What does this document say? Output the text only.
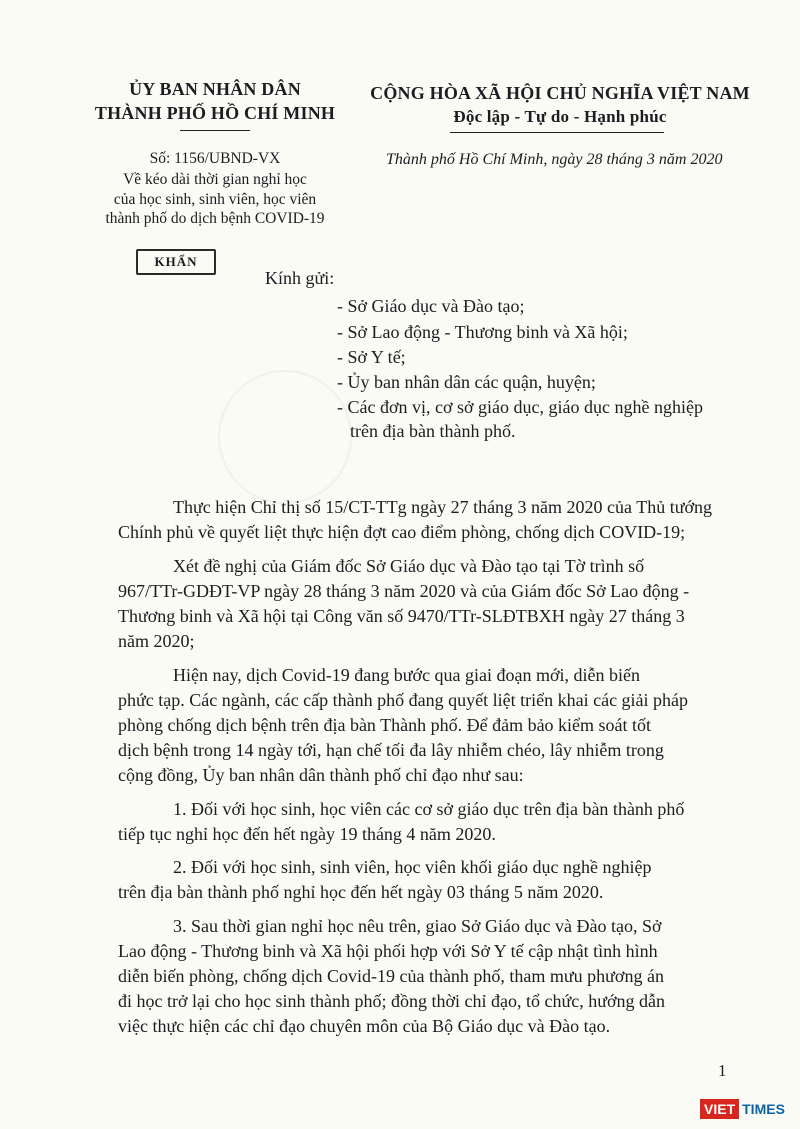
ỦY BAN NHÂN DÂN
THÀNH PHỐ HỒ CHÍ MINH
Số: 1156/UBND-VX
Về kéo dài thời gian nghỉ học
của học sinh, sinh viên, học viên
thành phố do dịch bệnh COVID-19
KHẨN
CỘNG HÒA XÃ HỘI CHỦ NGHĨA VIỆT NAM
Độc lập - Tự do - Hạnh phúc
Thành phố Hồ Chí Minh, ngày 28 tháng 3 năm 2020
Kính gửi:
- Sở Giáo dục và Đào tạo;
- Sở Lao động - Thương binh và Xã hội;
- Sở Y tế;
- Ủy ban nhân dân các quận, huyện;
- Các đơn vị, cơ sở giáo dục, giáo dục nghề nghiệp
trên địa bàn thành phố.
Thực hiện Chỉ thị số 15/CT-TTg ngày 27 tháng 3 năm 2020 của Thủ tướng
Chính phủ về quyết liệt thực hiện đợt cao điểm phòng, chống dịch COVID-19;
Xét đề nghị của Giám đốc Sở Giáo dục và Đào tạo tại Tờ trình số
967/TTr-GDĐT-VP ngày 28 tháng 3 năm 2020 và của Giám đốc Sở Lao động -
Thương binh và Xã hội tại Công văn số 9470/TTr-SLĐTBXH ngày 27 tháng 3
năm 2020;
Hiện nay, dịch Covid-19 đang bước qua giai đoạn mới, diễn biến
phức tạp. Các ngành, các cấp thành phố đang quyết liệt triển khai các giải pháp
phòng chống dịch bệnh trên địa bàn Thành phố. Để đảm bảo kiểm soát tốt
dịch bệnh trong 14 ngày tới, hạn chế tối đa lây nhiễm chéo, lây nhiễm trong
cộng đồng, Ủy ban nhân dân thành phố chỉ đạo như sau:
1. Đối với học sinh, học viên các cơ sở giáo dục trên địa bàn thành phố
tiếp tục nghỉ học đến hết ngày 19 tháng 4 năm 2020.
2. Đối với học sinh, sinh viên, học viên khối giáo dục nghề nghiệp
trên địa bàn thành phố nghỉ học đến hết ngày 03 tháng 5 năm 2020.
3. Sau thời gian nghỉ học nêu trên, giao Sở Giáo dục và Đào tạo, Sở
Lao động - Thương binh và Xã hội phối hợp với Sở Y tế cập nhật tình hình
diễn biến phòng, chống dịch Covid-19 của thành phố, tham mưu phương án
đi học trở lại cho học sinh thành phố; đồng thời chỉ đạo, tổ chức, hướng dẫn
việc thực hiện các chỉ đạo chuyên môn của Bộ Giáo dục và Đào tạo.
1
VIET TIMES
